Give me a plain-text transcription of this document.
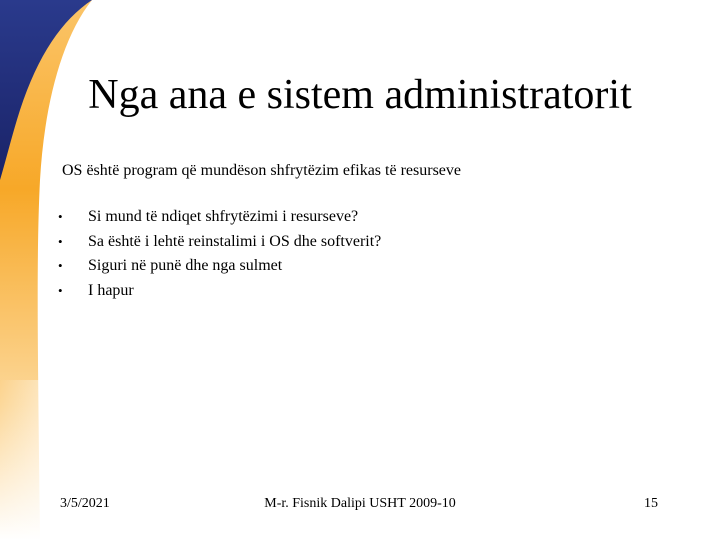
Nga ana e sistem administratorit
OS është program që mundëson shfrytëzim efikas të resurseve
•	Si mund të ndiqet shfrytëzimi i resurseve?
•	Sa është i lehtë reinstalimi i OS dhe softverit?
•	Siguri në punë dhe nga sulmet
•	I hapur
3/5/2021	M-r. Fisnik Dalipi USHT 2009-10	15
